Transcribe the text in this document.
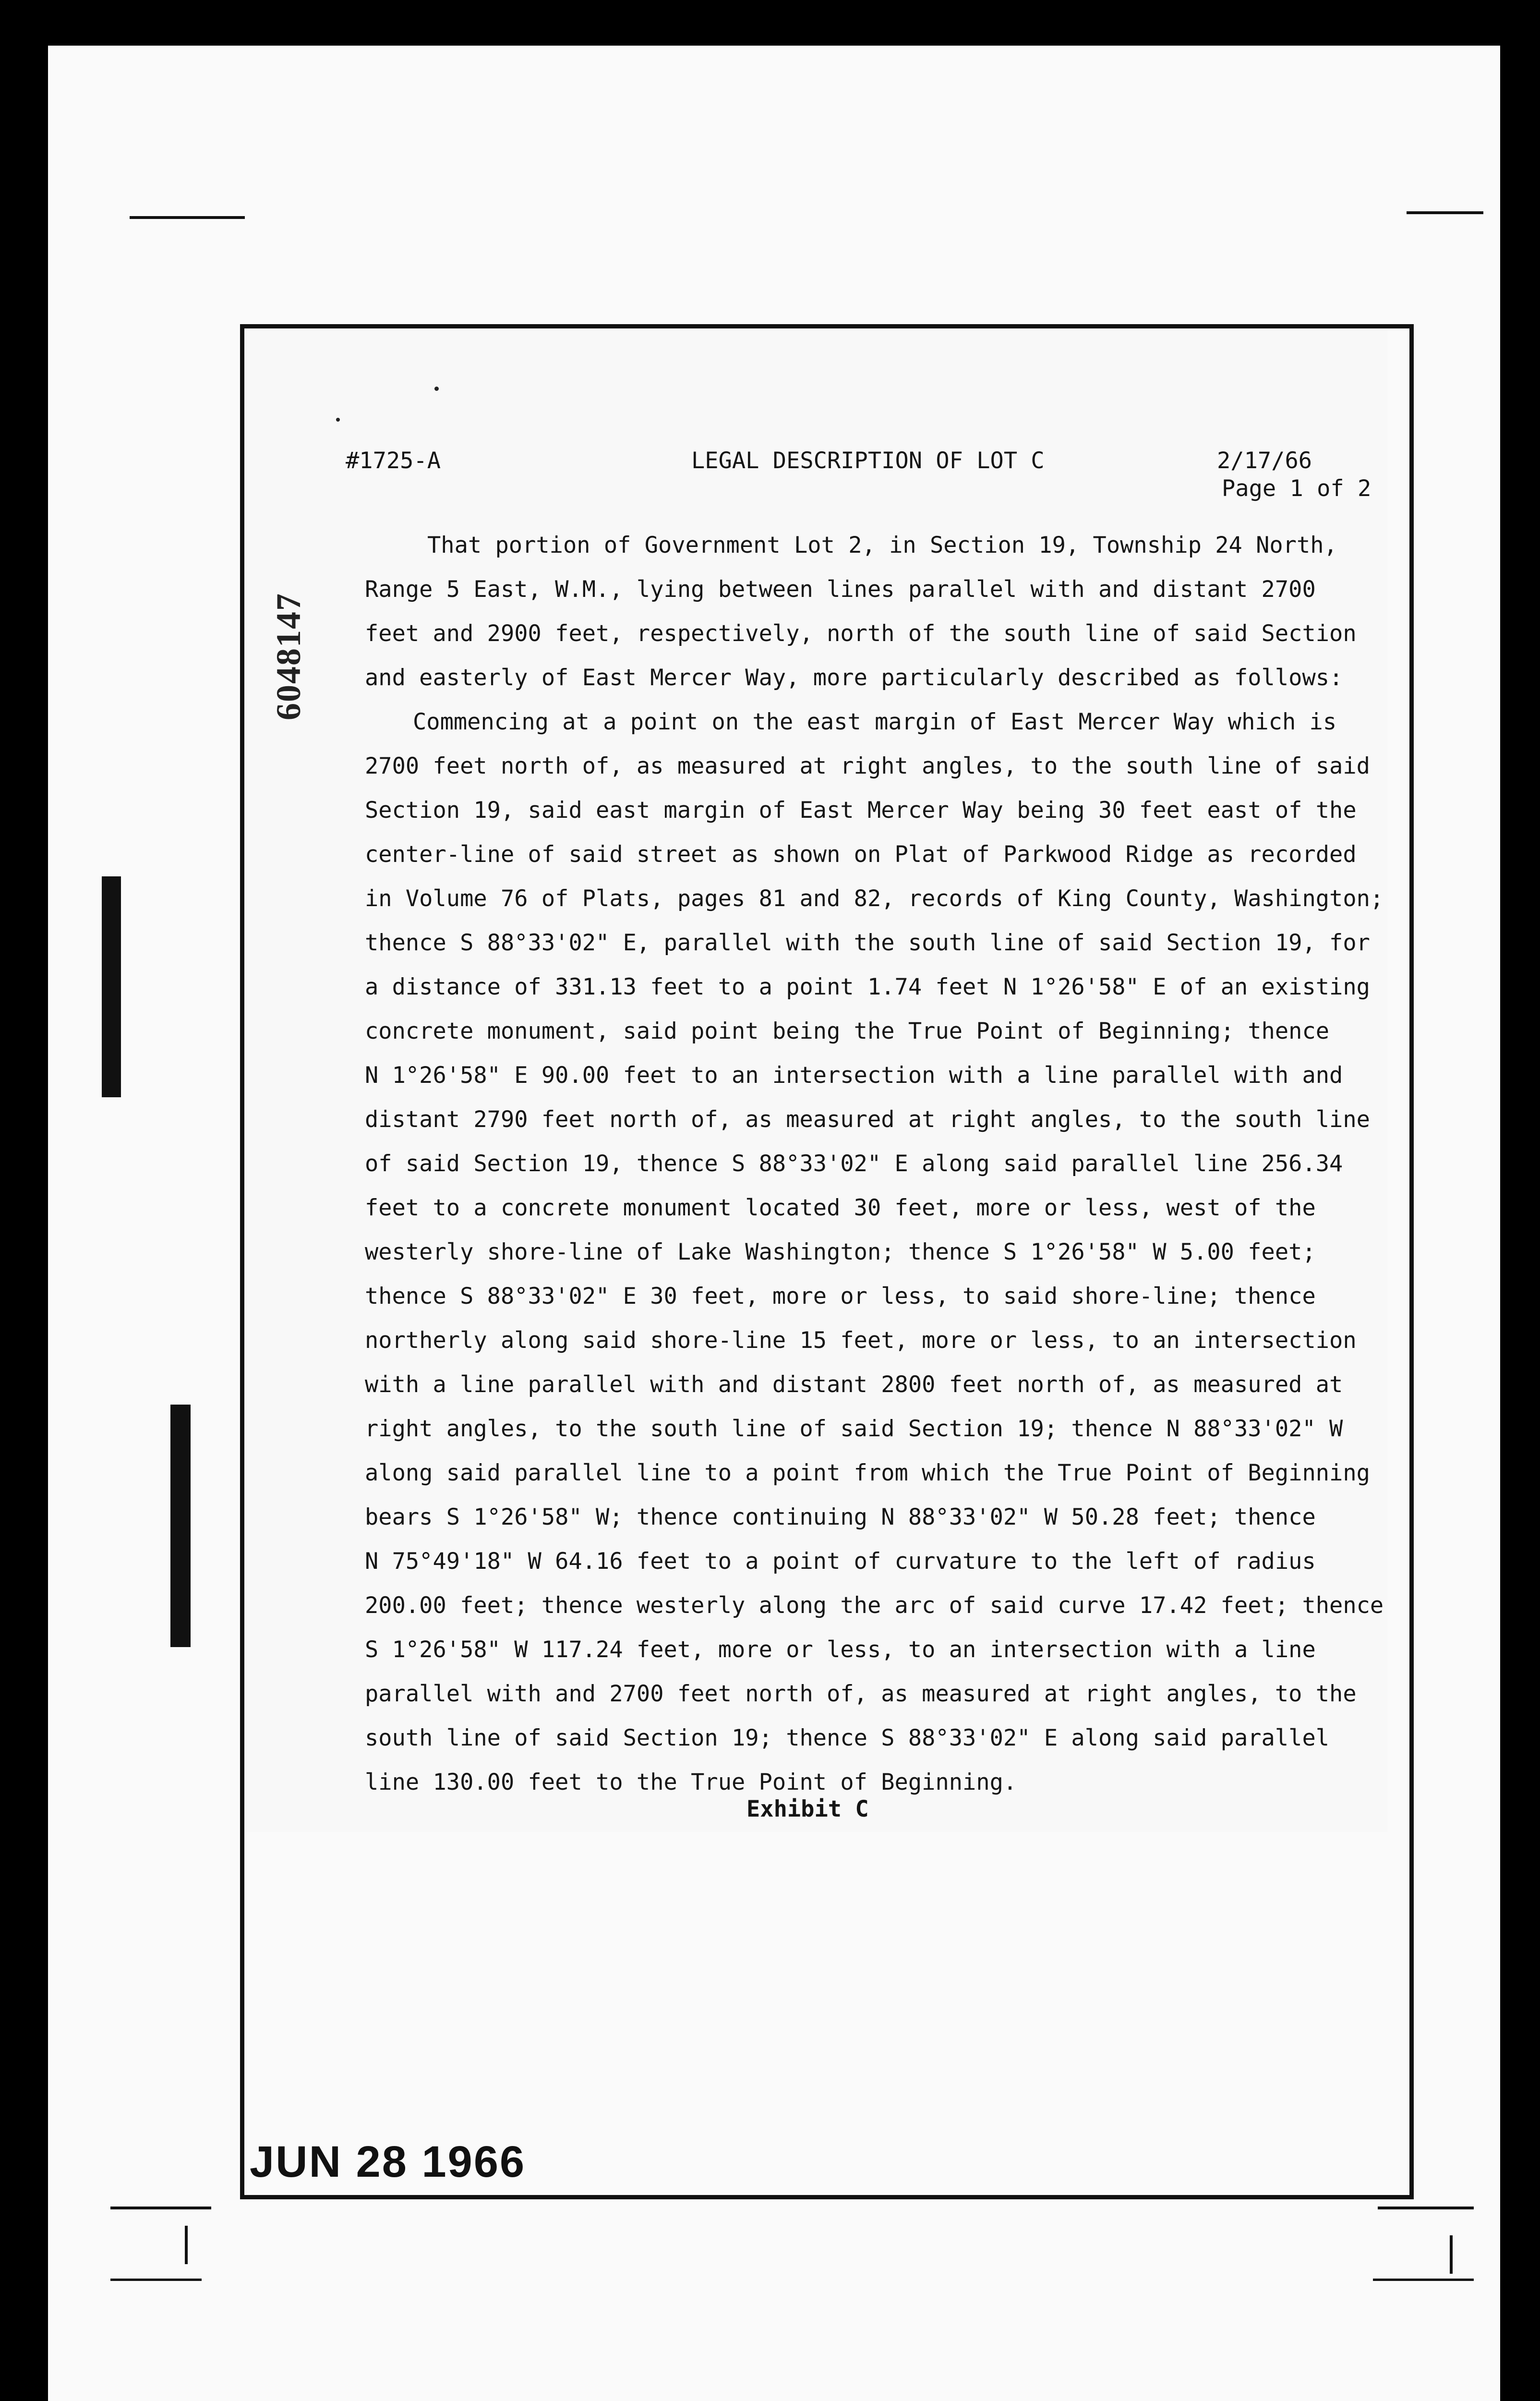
#1725-A	LEGAL DESCRIPTION OF LOT C	2/17/66
Page 1 of 2
6048147
That portion of Government Lot 2, in Section 19, Township 24 North,
Range 5 East, W.M., lying between lines parallel with and distant 2700
feet and 2900 feet, respectively, north of the south line of said Section
and easterly of East Mercer Way, more particularly described as follows:
Commencing at a point on the east margin of East Mercer Way which is
2700 feet north of, as measured at right angles, to the south line of said
Section 19, said east margin of East Mercer Way being 30 feet east of the
center-line of said street as shown on Plat of Parkwood Ridge as recorded
in Volume 76 of Plats, pages 81 and 82, records of King County, Washington;
thence S 88°33'02" E, parallel with the south line of said Section 19, for
a distance of 331.13 feet to a point 1.74 feet N 1°26'58" E of an existing
concrete monument, said point being the True Point of Beginning; thence
N 1°26'58" E 90.00 feet to an intersection with a line parallel with and
distant 2790 feet north of, as measured at right angles, to the south line
of said Section 19, thence S 88°33'02" E along said parallel line 256.34
feet to a concrete monument located 30 feet, more or less, west of the
westerly shore-line of Lake Washington; thence S 1°26'58" W 5.00 feet;
thence S 88°33'02" E 30 feet, more or less, to said shore-line; thence
northerly along said shore-line 15 feet, more or less, to an intersection
with a line parallel with and distant 2800 feet north of, as measured at
right angles, to the south line of said Section 19; thence N 88°33'02" W
along said parallel line to a point from which the True Point of Beginning
bears S 1°26'58" W; thence continuing N 88°33'02" W 50.28 feet; thence
N 75°49'18" W 64.16 feet to a point of curvature to the left of radius
200.00 feet; thence westerly along the arc of said curve 17.42 feet; thence
S 1°26'58" W 117.24 feet, more or less, to an intersection with a line
parallel with and 2700 feet north of, as measured at right angles, to the
south line of said Section 19; thence S 88°33'02" E along said parallel
line 130.00 feet to the True Point of Beginning.
Exhibit C
JUN 28 1966
